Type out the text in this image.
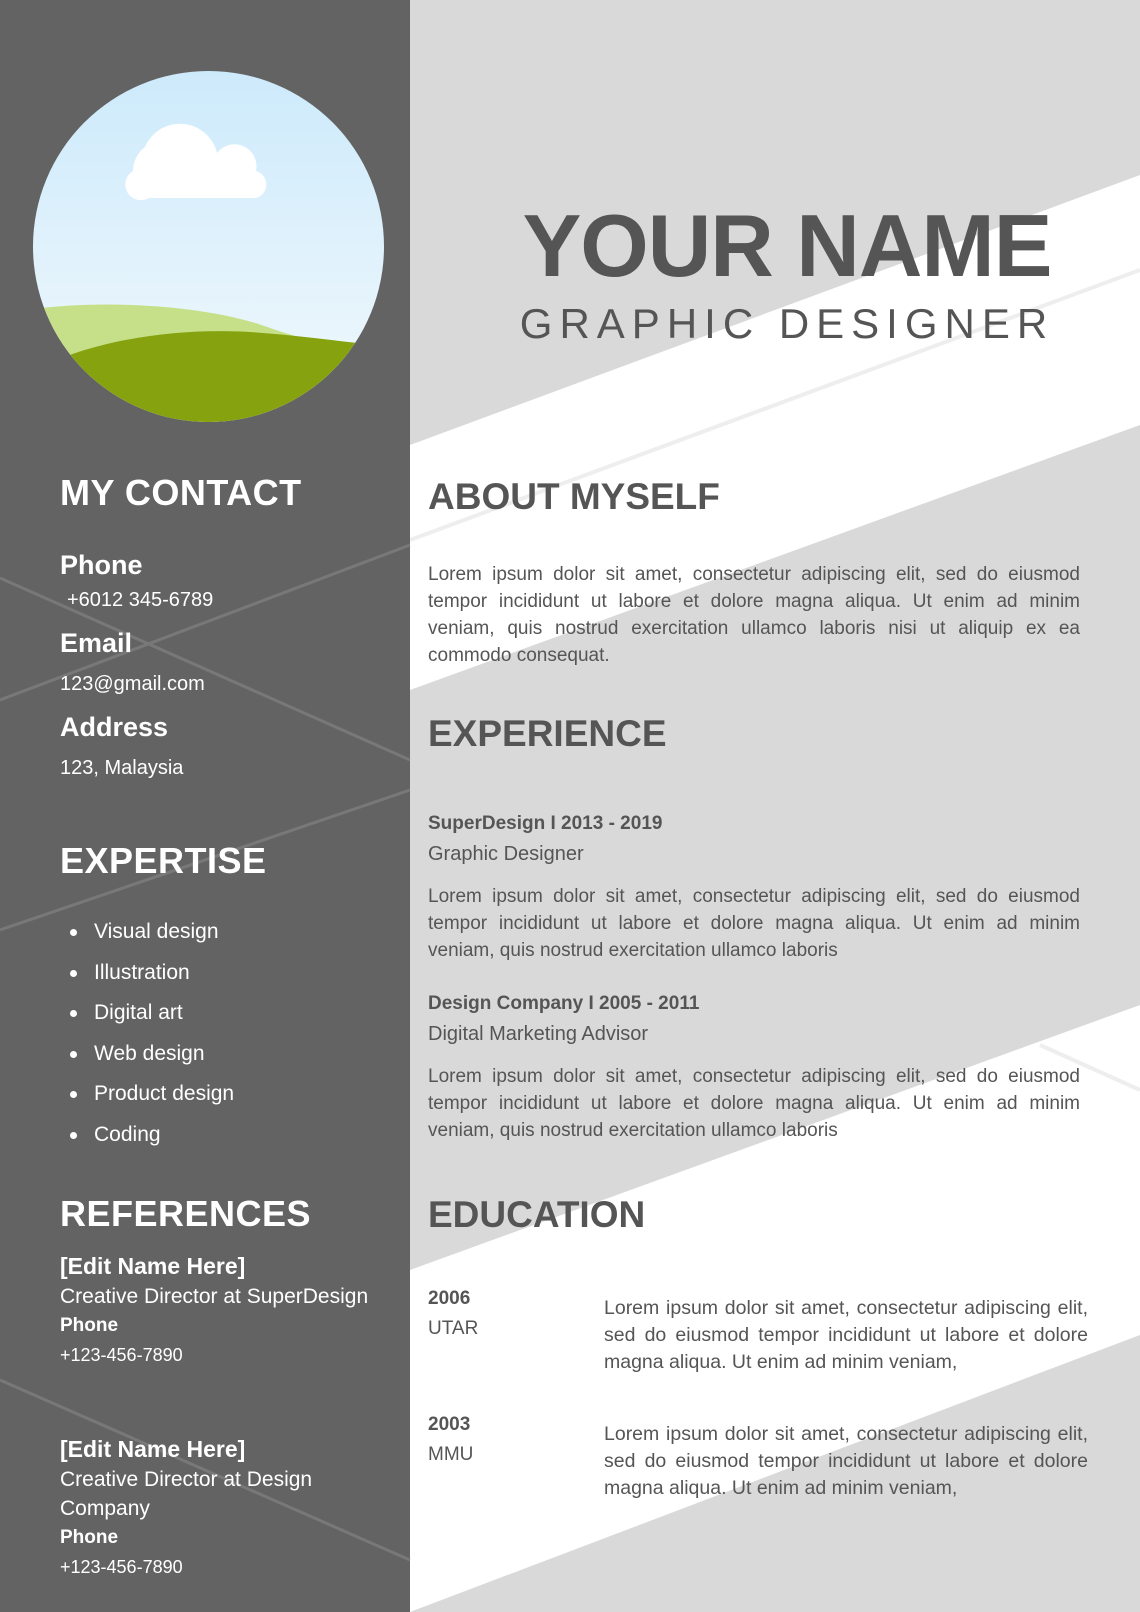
MY CONTACT
Phone
+6012 345-6789
Email
123@gmail.com
Address
123, Malaysia
EXPERTISE
Visual design
Illustration
Digital art
Web design
Product design
Coding
REFERENCES
[Edit Name Here]
Creative Director at SuperDesign
Phone
+123-456-7890
[Edit Name Here]
Creative Director at Design Company
Phone
+123-456-7890
YOUR NAME
GRAPHIC DESIGNER
ABOUT MYSELF

Lorem ipsum dolor sit amet, consectetur adipiscing elit, sed do eiusmod tempor incididunt ut labore et dolore magna aliqua. Ut enim ad minim veniam, quis nostrud exercitation ullamco laboris nisi ut aliquip ex ea commodo consequat.

EXPERIENCE
SuperDesign I 2013 - 2019
Graphic Designer

Lorem ipsum dolor sit amet, consectetur adipiscing elit, sed do eiusmod tempor incididunt ut labore et dolore magna aliqua. Ut enim ad minim veniam, quis nostrud exercitation ullamco laboris

Design Company I 2005 - 2011
Digital Marketing Advisor

Lorem ipsum dolor sit amet, consectetur adipiscing elit, sed do eiusmod tempor incididunt ut labore et dolore magna aliqua. Ut enim ad minim veniam, quis nostrud exercitation ullamco laboris

EDUCATION
2006
UTAR

Lorem ipsum dolor sit amet, consectetur adipiscing elit, sed do eiusmod tempor incididunt ut labore et dolore magna aliqua. Ut enim ad minim veniam,

2003
MMU

Lorem ipsum dolor sit amet, consectetur adipiscing elit, sed do eiusmod tempor incididunt ut labore et dolore magna aliqua. Ut enim ad minim veniam,
